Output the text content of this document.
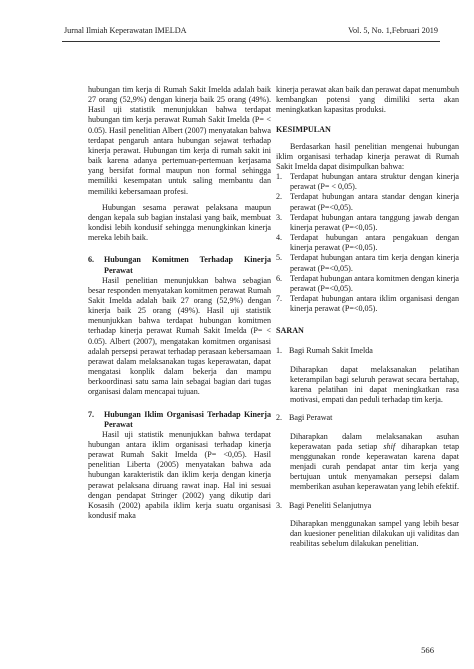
Jurnal Ilmiah Keperawatan IMELDA	Vol. 5, No. 1,Februari 2019

hubungan tim kerja di Rumah Sakit Imelda adalah baik 27 orang (52,9%) dengan kinerja baik 25 orang (49%). Hasil uji statistik menunjukkan bahwa terdapat hubungan tim kerja perawat Rumah Sakit Imelda (P= < 0.05). Hasil penelitian Albert (2007) menyatakan bahwa terdapat pengaruh antara hubungan sejawat terhadap kinerja perawat. Hubungan tim kerja di rumah sakit ini baik karena adanya pertemuan-pertemuan kerjasama yang bersifat formal maupun non formal sehingga memiliki kesempatan untuk saling membantu dan memiliki kebersamaan profesi.

Hubungan sesama perawat pelaksana maupun dengan kepala sub bagian instalasi yang baik, membuat kondisi lebih kondusif sehingga menungkinkan kinerja mereka lebih baik.

6.	Hubungan Komitmen Terhadap Kinerja Perawat

Hasil penelitian menunjukkan bahwa sebagian besar responden menyatakan komitmen perawat Rumah Sakit Imelda adalah baik 27 orang (52,9%) dengan kinerja baik 25 orang (49%). Hasil uji statistik menunjukkan bahwa terdapat hubungan komitmen terhadap kinerja perawat Rumah Sakit Imelda (P= < 0.05). Albert (2007), mengatakan komitmen organisasi adalah persepsi perawat terhadap perasaan kebersamaan perawat dalam melaksanakan tugas keperawatan, dapat mengatasi konplik dalam bekerja dan mampu berkoordinasi satu sama lain sebagai bagian dari tugas organisasi dalam mencapai tujuan.

7.	Hubungan Iklim Organisasi Terhadap Kinerja Perawat

Hasil uji statistik menunjukkan bahwa terdapat hubungan antara iklim organisasi terhadap kinerja perawat Rumah Sakit Imelda (P= <0,05). Hasil penelitian Liberta (2005) menyatakan bahwa ada hubungan karakteristik dan iklim kerja dengan kinerja perawat pelaksana diruang rawat inap. Hal ini sesuai dengan pendapat Stringer (2002) yang dikutip dari Kosasih (2002) apabila iklim kerja suatu organisasi kondusif maka

kinerja perawat akan baik dan perawat dapat menumbuh kembangkan potensi yang dimiliki serta akan meningkatkan kapasitas produksi.

KESIMPULAN

Berdasarkan hasil penelitian mengenai hubungan iklim organisasi terhadap kinerja perawat di Rumah Sakit Imelda dapat disimpulkan bahwa:

1. Terdapat hubungan antara struktur dengan kinerja perawat (P= < 0,05).
2. Terdapat hubungan antara standar dengan kinerja perawat (P=<0,05).
3. Terdapat hubungan antara tanggung jawab dengan kinerja perawat (P=<0,05).
4. Terdapat hubungan antara pengakuan dengan kinerja perawat (P=<0,05).
5. Terdapat hubungan antara tim kerja dengan kinerja perawat (P=<0,05).
6. Terdapat hubungan antara komitmen dengan kinerja perawat (P=<0,05).
7. Terdapat hubungan antara iklim organisasi dengan kinerja perawat (P=<0,05).

SARAN

1. Bagi Rumah Sakit Imelda

Diharapkan dapat melaksanakan pelatihan keterampilan bagi seluruh perawat secara bertahap, karena pelatihan ini dapat meningkatkan rasa motivasi, empati dan peduli terhadap tim kerja.

2. Bagi Perawat

Diharapkan dalam melaksanakan asuhan keperawatan pada setiap shif diharapkan tetap menggunakan ronde keperawatan karena dapat menjadi curah pendapat antar tim kerja yang bertujuan untuk menyamakan persepsi dalam memberikan asuhan keperawatan yang lebih efektif.

3. Bagi Peneliti Selanjutnya

Diharapkan menggunakan sampel yang lebih besar dan kuesioner penelitian dilakukan uji validitas dan reabilitas sebelum dilakukan penelitian.

566
